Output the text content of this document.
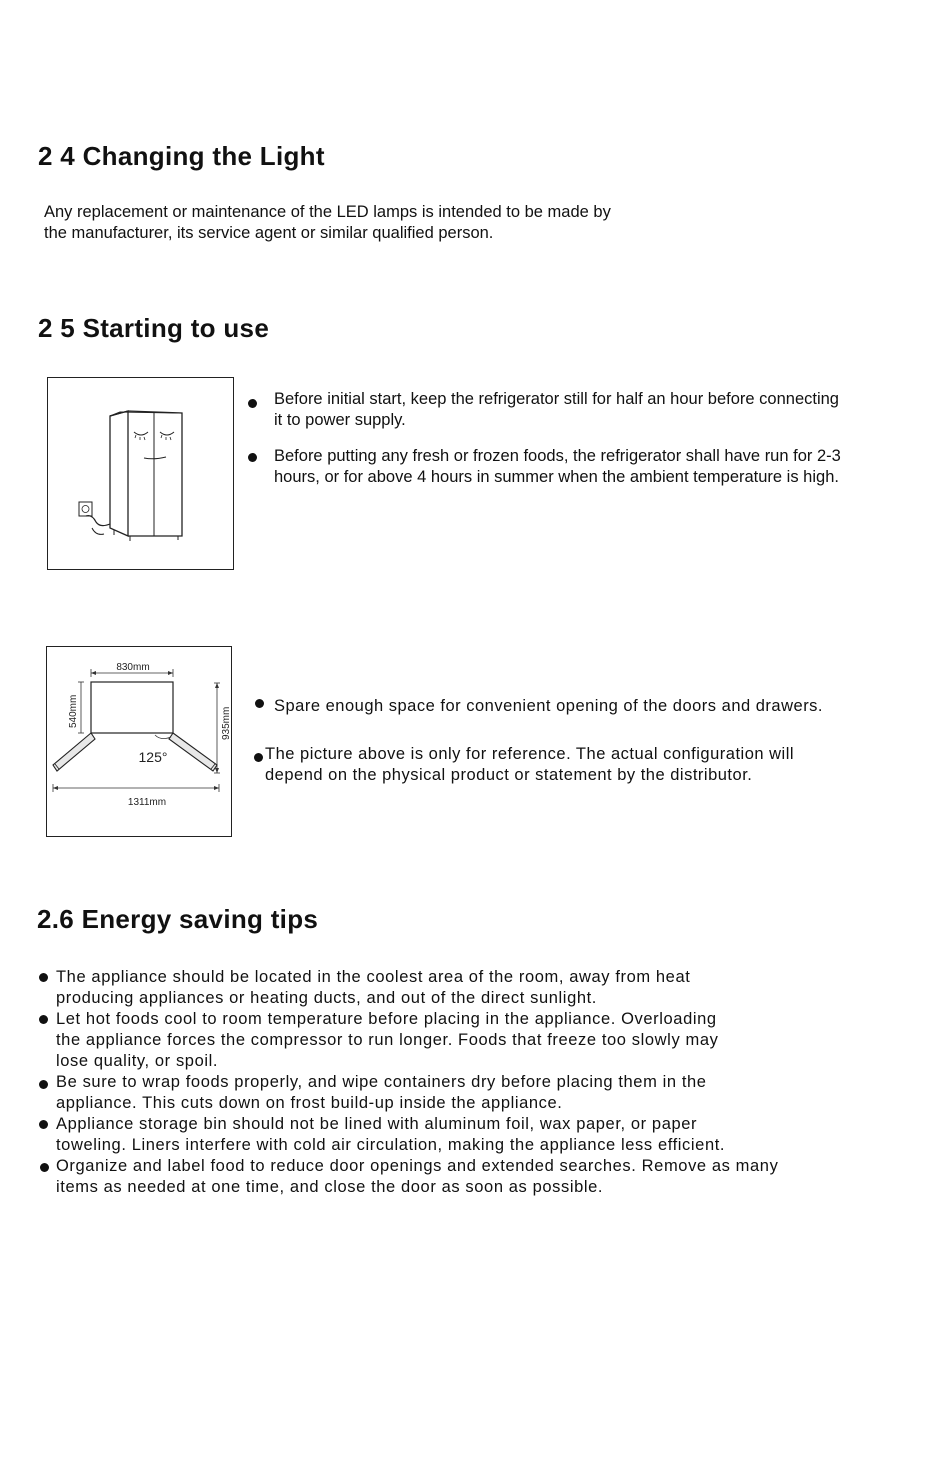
2 4 Changing the Light
Any replacement or maintenance of the LED lamps is intended to be made by
the manufacturer, its service agent or similar qualified person.
2 5 Starting to use
Before initial start, keep the refrigerator still for half an hour before connecting
it to power supply.
Before putting any fresh or frozen foods, the refrigerator shall have run for 2-3
hours, or for above 4 hours in summer when the ambient temperature is high.
830mm
540mm	935mm
125°
1311mm
Spare enough space for convenient opening of the doors and drawers.
The picture above is only for reference. The actual configuration will
depend on the physical product or statement by the distributor.
2.6 Energy saving tips
The appliance should be located in the coolest area of the room, away from heat
producing appliances or heating ducts, and out of the direct sunlight.
Let hot foods cool to room temperature before placing in the appliance. Overloading
the appliance forces the compressor to run longer. Foods that freeze too slowly may
lose quality, or spoil.
Be sure to wrap foods properly, and wipe containers dry before placing them in the
appliance. This cuts down on frost build-up inside the appliance.
Appliance storage bin should not be lined with aluminum foil, wax paper, or paper
toweling. Liners interfere with cold air circulation, making the appliance less efficient.
Organize and label food to reduce door openings and extended searches. Remove as many
items as needed at one time, and close the door as soon as possible.
